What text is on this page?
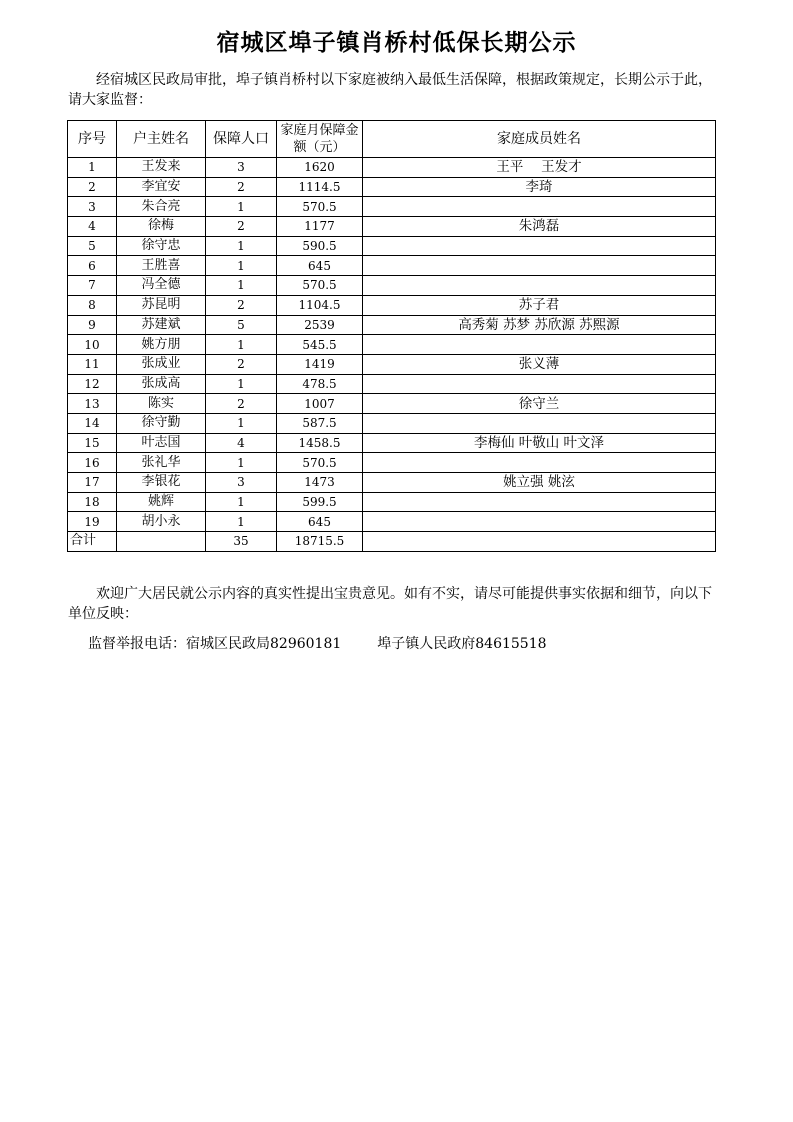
宿城区埠子镇肖桥村低保长期公示
经宿城区民政局审批，埠子镇肖桥村以下家庭被纳入最低生活保障，根据政策规定，长期公示于此，请大家监督：
序号	户主姓名	保障人口	家庭月保障金额（元）	家庭成员姓名
1	王发来	3	1620	王平　 王发才
2	李宜安	2	1114.5	李琦
3	朱合亮	1	570.5	
4	徐梅	2	1177	朱鸿磊
5	徐守忠	1	590.5	
6	王胜喜	1	645	
7	冯全德	1	570.5	
8	苏昆明	2	1104.5	苏子君
9	苏建斌	5	2539	高秀菊 苏梦 苏欣源 苏熙源
10	姚方朋	1	545.5	
11	张成业	2	1419	张义薄
12	张成高	1	478.5	
13	陈实	2	1007	徐守兰
14	徐守勤	1	587.5	
15	叶志国	4	1458.5	李梅仙 叶敬山 叶文泽
16	张礼华	1	570.5	
17	李银花	3	1473	姚立强 姚泫
18	姚辉	1	599.5	
19	胡小永	1	645	
合计		35	18715.5	
欢迎广大居民就公示内容的真实性提出宝贵意见。如有不实，请尽可能提供事实依据和细节，向以下单位反映：
监督举报电话：宿城区民政局82960181	埠子镇人民政府84615518
